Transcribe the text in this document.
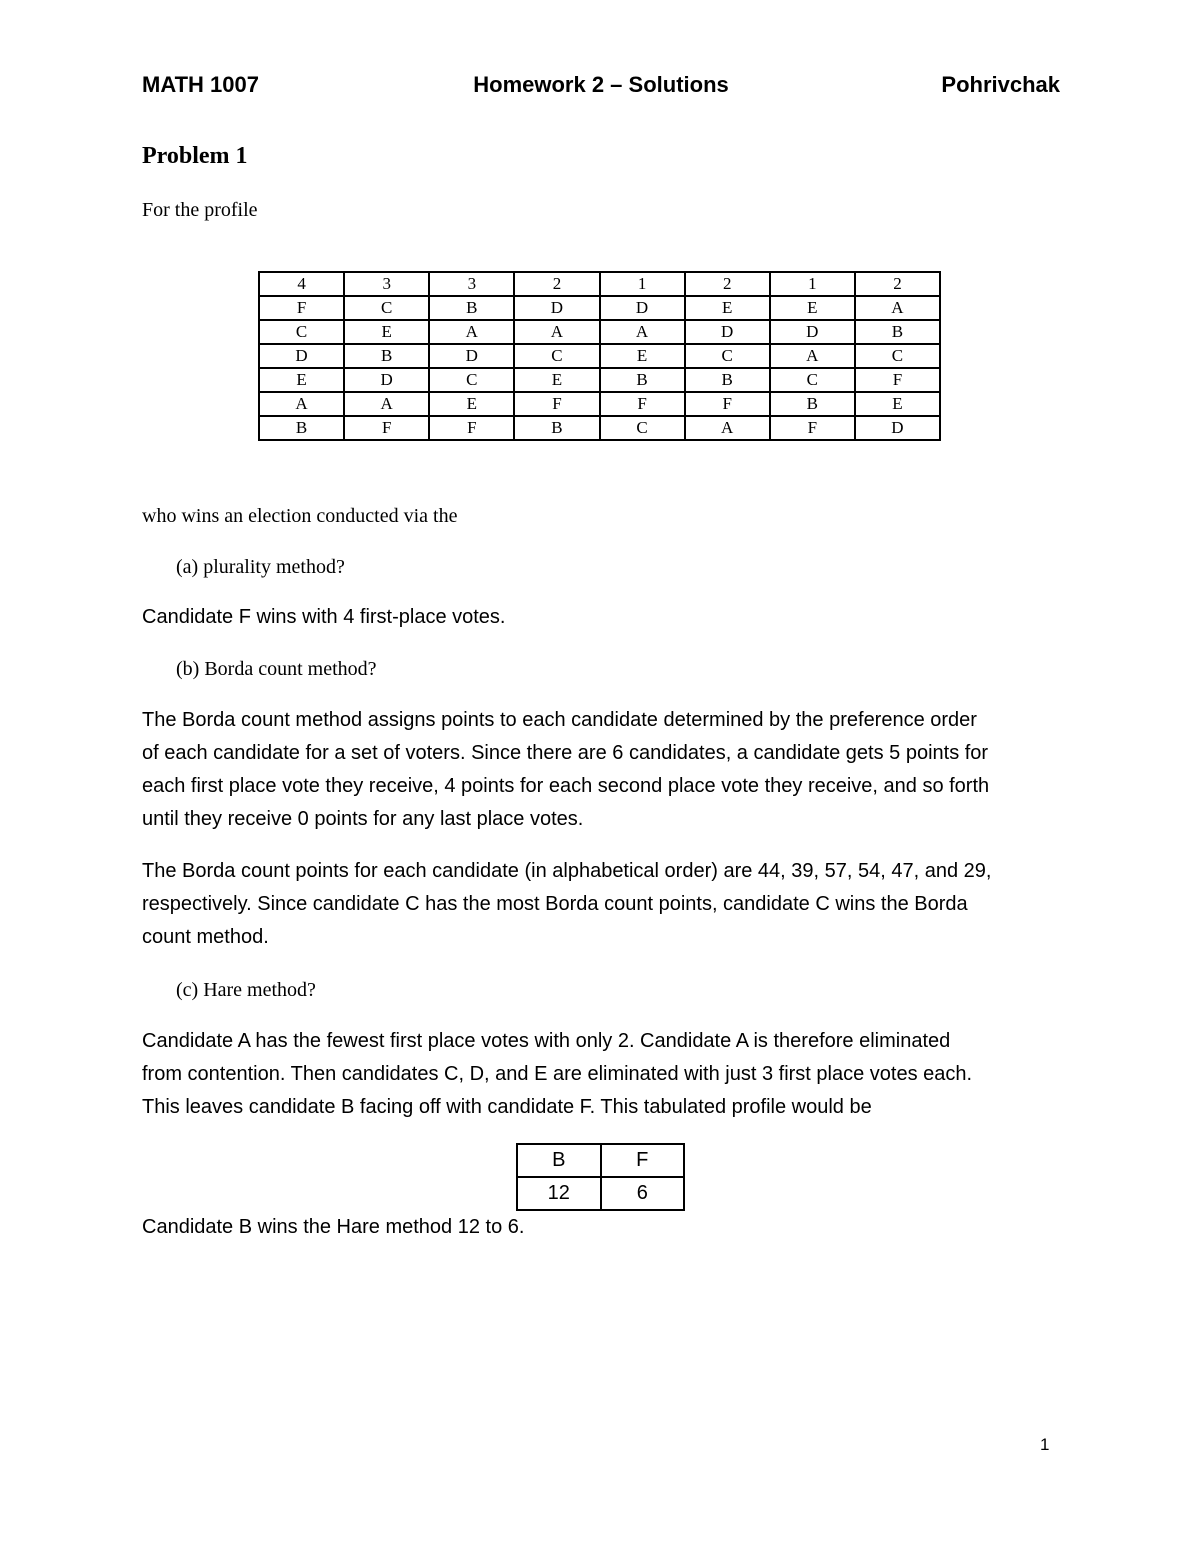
MATH 1007	Homework 2 – Solutions	Pohrivchak
Problem 1
For the profile
4	3	3	2	1	2	1	2
F	C	B	D	D	E	E	A
C	E	A	A	A	D	D	B
D	B	D	C	E	C	A	C
E	D	C	E	B	B	C	F
A	A	E	F	F	F	B	E
B	F	F	B	C	A	F	D
who wins an election conducted via the
(a) plurality method?
Candidate F wins with 4 first-place votes.
(b) Borda count method?
The Borda count method assigns points to each candidate determined by the preference order
of each candidate for a set of voters. Since there are 6 candidates, a candidate gets 5 points for
each first place vote they receive, 4 points for each second place vote they receive, and so forth
until they receive 0 points for any last place votes.
The Borda count points for each candidate (in alphabetical order) are 44, 39, 57, 54, 47, and 29,
respectively. Since candidate C has the most Borda count points, candidate C wins the Borda
count method.
(c) Hare method?
Candidate A has the fewest first place votes with only 2. Candidate A is therefore eliminated
from contention. Then candidates C, D, and E are eliminated with just 3 first place votes each.
This leaves candidate B facing off with candidate F. This tabulated profile would be
B	F
12	6
Candidate B wins the Hare method 12 to 6.
1
